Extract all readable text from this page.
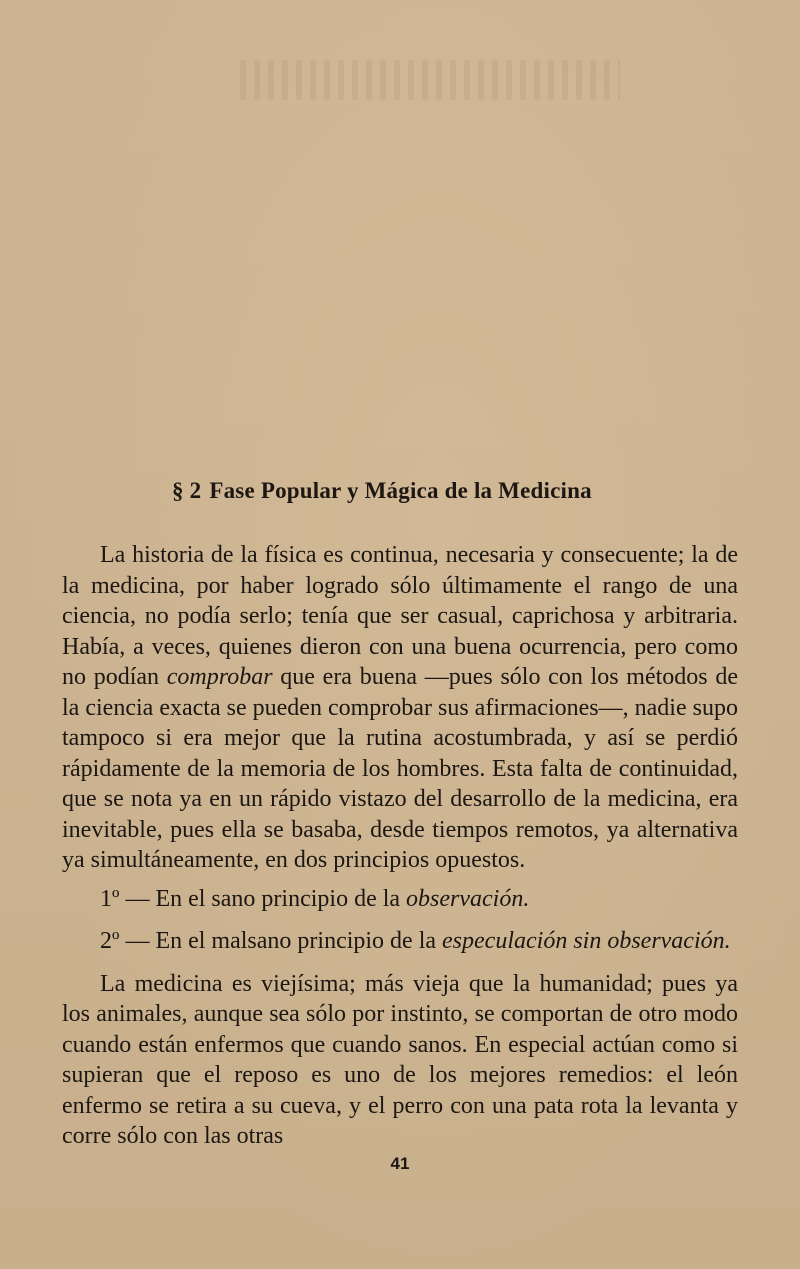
§ 2 Fase Popular y Mágica de la Medicina

La historia de la física es continua, necesaria y consecuente; la de la medicina, por haber logrado sólo últimamente el rango de una ciencia, no podía serlo; tenía que ser casual, caprichosa y arbitraria. Había, a veces, quienes dieron con una buena ocurrencia, pero como no podían comprobar que era buena —pues sólo con los métodos de la ciencia exacta se pueden comprobar sus afirmaciones—, nadie supo tampoco si era mejor que la rutina acostumbrada, y así se perdió rápidamente de la memoria de los hombres. Esta falta de continuidad, que se nota ya en un rápido vistazo del desarrollo de la medicina, era inevitable, pues ella se basaba, desde tiempos remotos, ya alternativa ya simultáneamente, en dos principios opuestos.

1º — En el sano principio de la observación.

2º — En el malsano principio de la especulación sin observación.

La medicina es viejísima; más vieja que la humanidad; pues ya los animales, aunque sea sólo por instinto, se comportan de otro modo cuando están enfermos que cuando sanos. En especial actúan como si supieran que el reposo es uno de los mejores remedios: el león enfermo se retira a su cueva, y el perro con una pata rota la levanta y corre sólo con las otras

41
